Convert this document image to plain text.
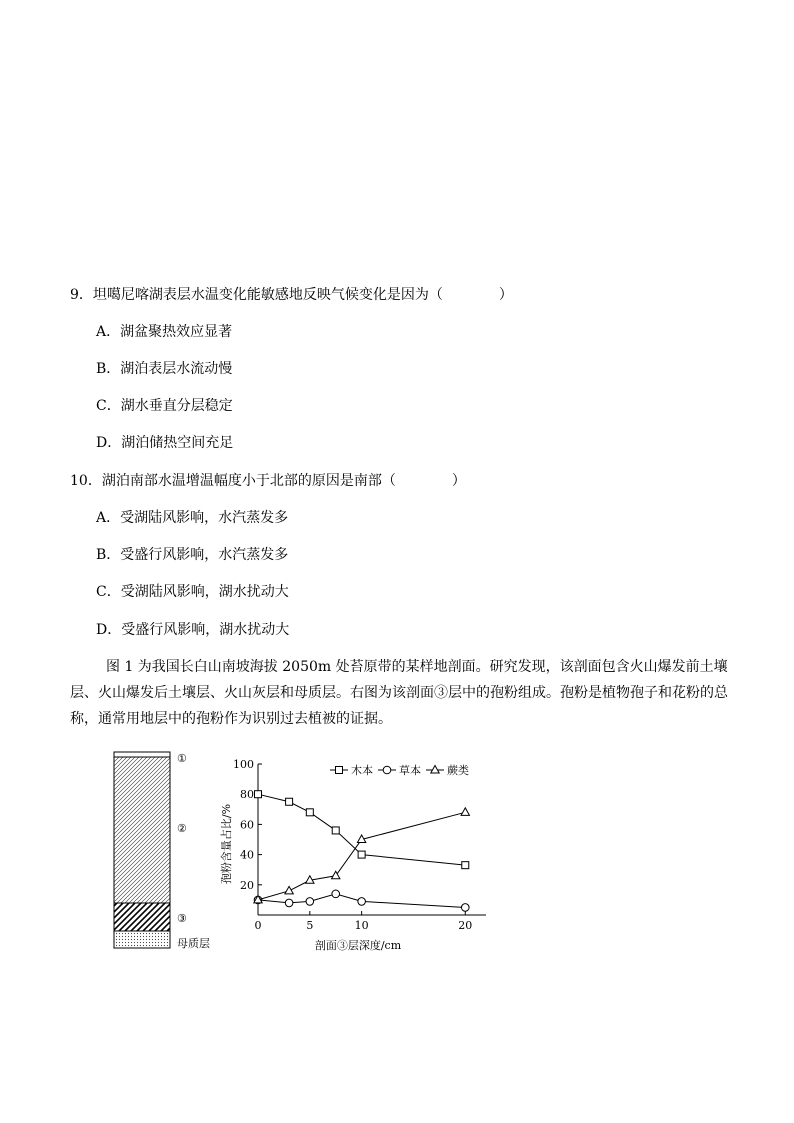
9．坦噶尼喀湖表层水温变化能敏感地反映气候变化是因为（　　　　）
A．湖盆聚热效应显著
B．湖泊表层水流动慢
C．湖水垂直分层稳定
D．湖泊储热空间充足
10．湖泊南部水温增温幅度小于北部的原因是南部（　　　　）
A．受湖陆风影响，水汽蒸发多
B．受盛行风影响，水汽蒸发多
C．受湖陆风影响，湖水扰动大
D．受盛行风影响，湖水扰动大
图 1 为我国长白山南坡海拔 2050m 处苔原带的某样地剖面。研究发现，该剖面包含火山爆发前土壤层、火山爆发后土壤层、火山灰层和母质层。右图为该剖面③层中的孢粉组成。孢粉是植物孢子和花粉的总称，通常用地层中的孢粉作为识别过去植被的证据。
①
②
③
母质层
0	5	10	20
20
40
60
80
100	木本 草本 蕨类
剖面③层深度/cm
孢粉含量占比/%
